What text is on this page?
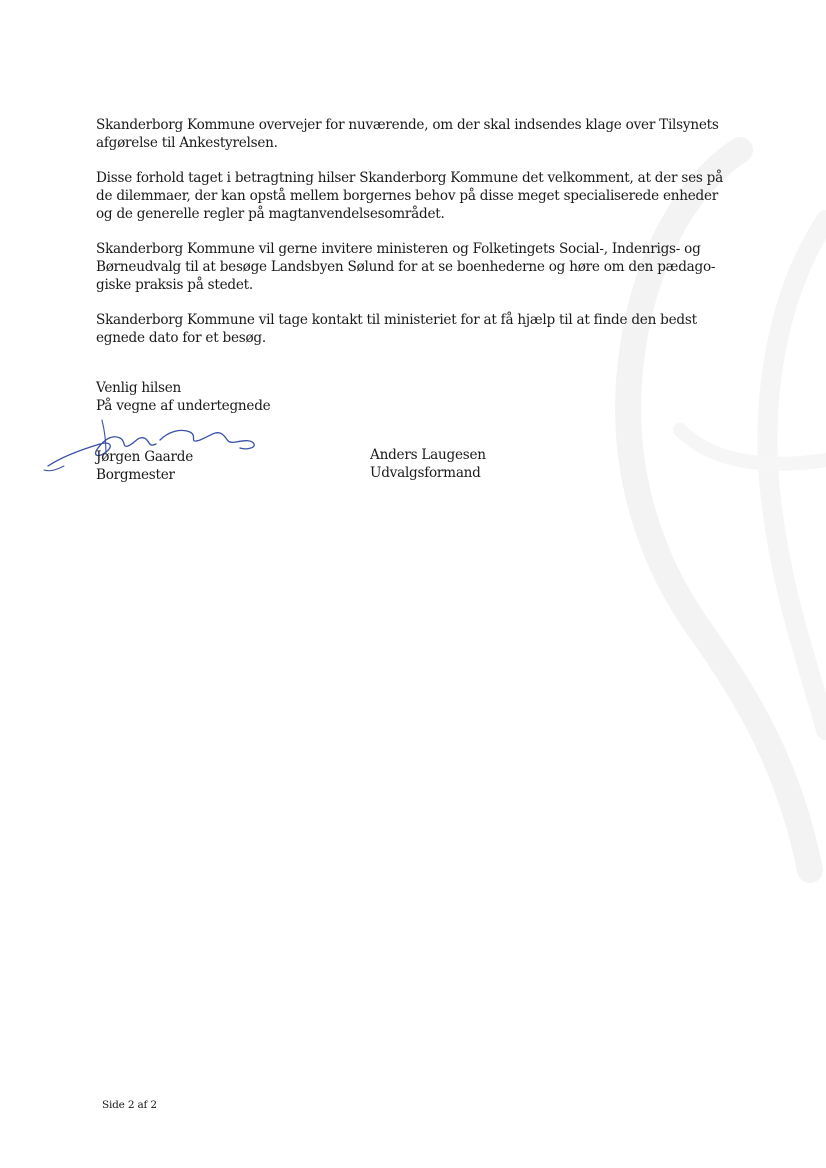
Skanderborg Kommune overvejer for nuværende, om der skal indsendes klage over Tilsynets
afgørelse til Ankestyrelsen.

Disse forhold taget i betragtning hilser Skanderborg Kommune det velkomment, at der ses på
de dilemmaer, der kan opstå mellem borgernes behov på disse meget specialiserede enheder
og de generelle regler på magtanvendelsesområdet.

Skanderborg Kommune vil gerne invitere ministeren og Folketingets Social-, Indenrigs- og
Børneudvalg til at besøge Landsbyen Sølund for at se boenhederne og høre om den pædago-
giske praksis på stedet.

Skanderborg Kommune vil tage kontakt til ministeriet for at få hjælp til at finde den bedst
egnede dato for et besøg.

Venlig hilsen
På vegne af undertegnede
Jørgen Gaarde
Borgmester
Anders Laugesen
Udvalgsformand
Side 2 af 2
